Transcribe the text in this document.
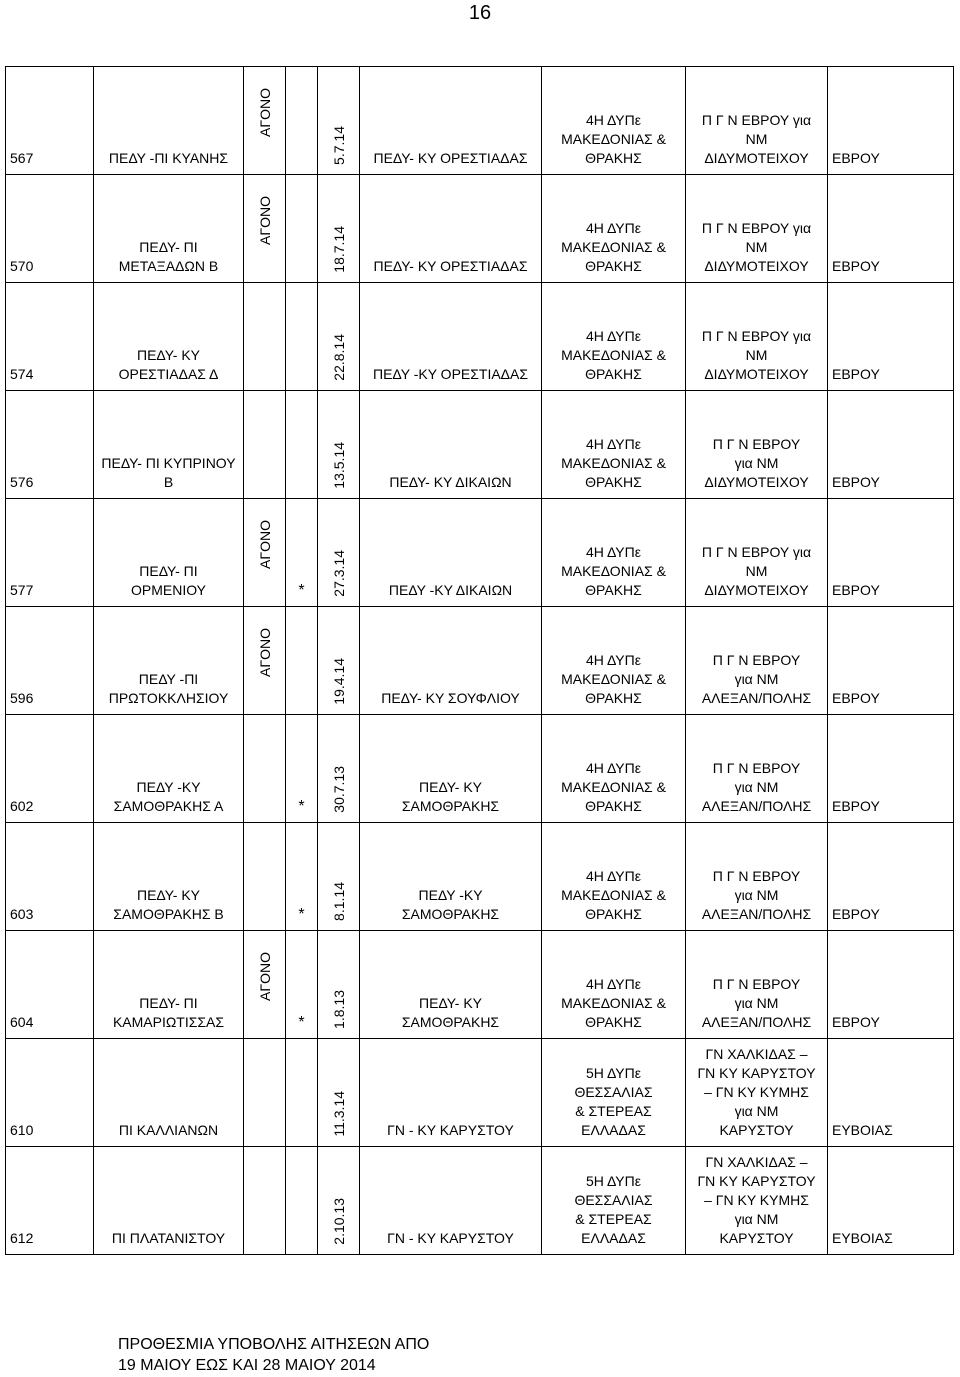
16
567	ΠΕΔΥ -ΠΙ ΚΥΑΝΗΣ	ΑΓΟΝΟ		5.7.14	ΠΕΔΥ- ΚΥ ΟΡΕΣΤΙΑΔΑΣ	4Η ΔΥΠε
ΜΑΚΕΔΟΝΙΑΣ &
ΘΡΑΚΗΣ	Π Γ Ν ΕΒΡΟΥ για
ΝΜ
ΔΙΔΥΜΟΤΕΙΧΟΥ	ΕΒΡΟΥ
570	ΠΕΔΥ- ΠΙ
ΜΕΤΑΞΑΔΩΝ Β	ΑΓΟΝΟ		18.7.14	ΠΕΔΥ- ΚΥ ΟΡΕΣΤΙΑΔΑΣ	4Η ΔΥΠε
ΜΑΚΕΔΟΝΙΑΣ &
ΘΡΑΚΗΣ	Π Γ Ν ΕΒΡΟΥ για
ΝΜ
ΔΙΔΥΜΟΤΕΙΧΟΥ	ΕΒΡΟΥ
574	ΠΕΔΥ- ΚΥ
ΟΡΕΣΤΙΑΔΑΣ Δ			22.8.14	ΠΕΔΥ -ΚΥ ΟΡΕΣΤΙΑΔΑΣ	4Η ΔΥΠε
ΜΑΚΕΔΟΝΙΑΣ &
ΘΡΑΚΗΣ	Π Γ Ν ΕΒΡΟΥ για
ΝΜ
ΔΙΔΥΜΟΤΕΙΧΟΥ	ΕΒΡΟΥ
576	ΠΕΔΥ- ΠΙ ΚΥΠΡΙΝΟΥ
Β			13.5.14	ΠΕΔΥ- ΚΥ ΔΙΚΑΙΩΝ	4Η ΔΥΠε
ΜΑΚΕΔΟΝΙΑΣ &
ΘΡΑΚΗΣ	Π Γ Ν ΕΒΡΟΥ
για ΝΜ
ΔΙΔΥΜΟΤΕΙΧΟΥ	ΕΒΡΟΥ
577	ΠΕΔΥ- ΠΙ
ΟΡΜΕΝΙΟΥ	ΑΓΟΝΟ	*	27.3.14	ΠΕΔΥ -ΚΥ ΔΙΚΑΙΩΝ	4Η ΔΥΠε
ΜΑΚΕΔΟΝΙΑΣ &
ΘΡΑΚΗΣ	Π Γ Ν ΕΒΡΟΥ για
ΝΜ
ΔΙΔΥΜΟΤΕΙΧΟΥ	ΕΒΡΟΥ
596	ΠΕΔΥ -ΠΙ
ΠΡΩΤΟΚΚΛΗΣΙΟΥ	ΑΓΟΝΟ		19.4.14	ΠΕΔΥ- ΚΥ ΣΟΥΦΛΙΟΥ	4Η ΔΥΠε
ΜΑΚΕΔΟΝΙΑΣ &
ΘΡΑΚΗΣ	Π Γ Ν ΕΒΡΟΥ
για ΝΜ
ΑΛΕΞΑΝ/ΠΟΛΗΣ	ΕΒΡΟΥ
602	ΠΕΔΥ -ΚΥ
ΣΑΜΟΘΡΑΚΗΣ Α		*	30.7.13	ΠΕΔΥ- ΚΥ
ΣΑΜΟΘΡΑΚΗΣ	4Η ΔΥΠε
ΜΑΚΕΔΟΝΙΑΣ &
ΘΡΑΚΗΣ	Π Γ Ν ΕΒΡΟΥ
για ΝΜ
ΑΛΕΞΑΝ/ΠΟΛΗΣ	ΕΒΡΟΥ
603	ΠΕΔΥ- ΚΥ
ΣΑΜΟΘΡΑΚΗΣ Β		*	8.1.14	ΠΕΔΥ -ΚΥ
ΣΑΜΟΘΡΑΚΗΣ	4Η ΔΥΠε
ΜΑΚΕΔΟΝΙΑΣ &
ΘΡΑΚΗΣ	Π Γ Ν ΕΒΡΟΥ
για ΝΜ
ΑΛΕΞΑΝ/ΠΟΛΗΣ	ΕΒΡΟΥ
604	ΠΕΔΥ- ΠΙ
ΚΑΜΑΡΙΩΤΙΣΣΑΣ	ΑΓΟΝΟ	*	1.8.13	ΠΕΔΥ- ΚΥ
ΣΑΜΟΘΡΑΚΗΣ	4Η ΔΥΠε
ΜΑΚΕΔΟΝΙΑΣ &
ΘΡΑΚΗΣ	Π Γ Ν ΕΒΡΟΥ
για ΝΜ
ΑΛΕΞΑΝ/ΠΟΛΗΣ	ΕΒΡΟΥ
610	ΠΙ ΚΑΛΛΙΑΝΩΝ			11.3.14	ΓΝ - ΚΥ ΚΑΡΥΣΤΟΥ	5Η ΔΥΠε ΘΕΣΣΑΛΙΑΣ
& ΣΤΕΡΕΑΣ ΕΛΛΑΔΑΣ	ΓΝ ΧΑΛΚΙΔΑΣ –
ΓΝ ΚΥ ΚΑΡΥΣΤΟΥ
– ΓΝ ΚΥ ΚΥΜΗΣ
για ΝΜ
ΚΑΡΥΣΤΟΥ	ΕΥΒΟΙΑΣ
612	ΠΙ ΠΛΑΤΑΝΙΣΤΟΥ			2.10.13	ΓΝ - ΚΥ ΚΑΡΥΣΤΟΥ	5Η ΔΥΠε ΘΕΣΣΑΛΙΑΣ
& ΣΤΕΡΕΑΣ ΕΛΛΑΔΑΣ	ΓΝ ΧΑΛΚΙΔΑΣ –
ΓΝ ΚΥ ΚΑΡΥΣΤΟΥ
– ΓΝ ΚΥ ΚΥΜΗΣ
για ΝΜ
ΚΑΡΥΣΤΟΥ	ΕΥΒΟΙΑΣ
ΠΡΟΘΕΣΜΙΑ ΥΠΟΒΟΛΗΣ ΑΙΤΗΣΕΩΝ ΑΠΟ
19 ΜΑΙΟΥ ΕΩΣ ΚΑΙ 28 ΜΑΙΟΥ 2014
